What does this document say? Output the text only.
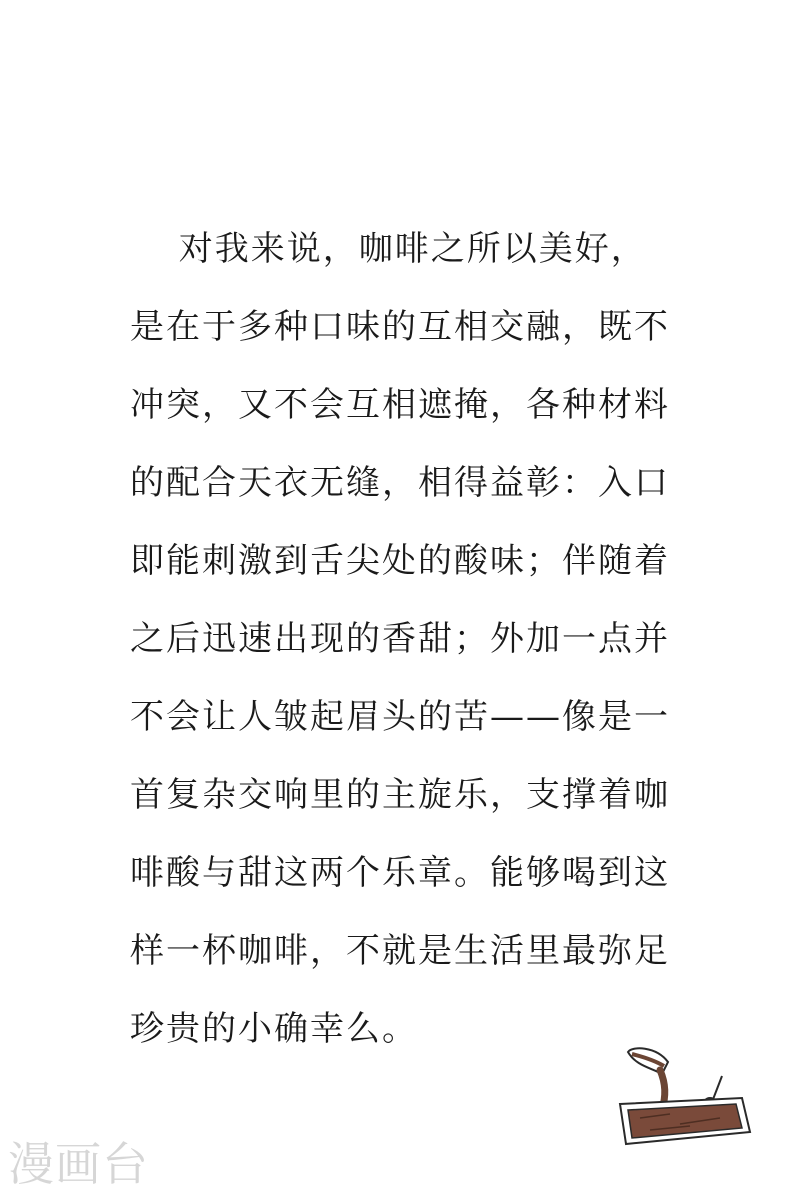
　 对我来说，咖啡之所以美好，
是在于多种口味的互相交融，既不
冲突，又不会互相遮掩，各种材料
的配合天衣无缝，相得益彰：入口
即能刺激到舌尖处的酸味；伴随着
之后迅速出现的香甜；外加一点并
不会让人皱起眉头的苦——像是一
首复杂交响里的主旋乐，支撑着咖
啡酸与甜这两个乐章。能够喝到这
样一杯咖啡，不就是生活里最弥足
珍贵的小确幸么。
漫画台
